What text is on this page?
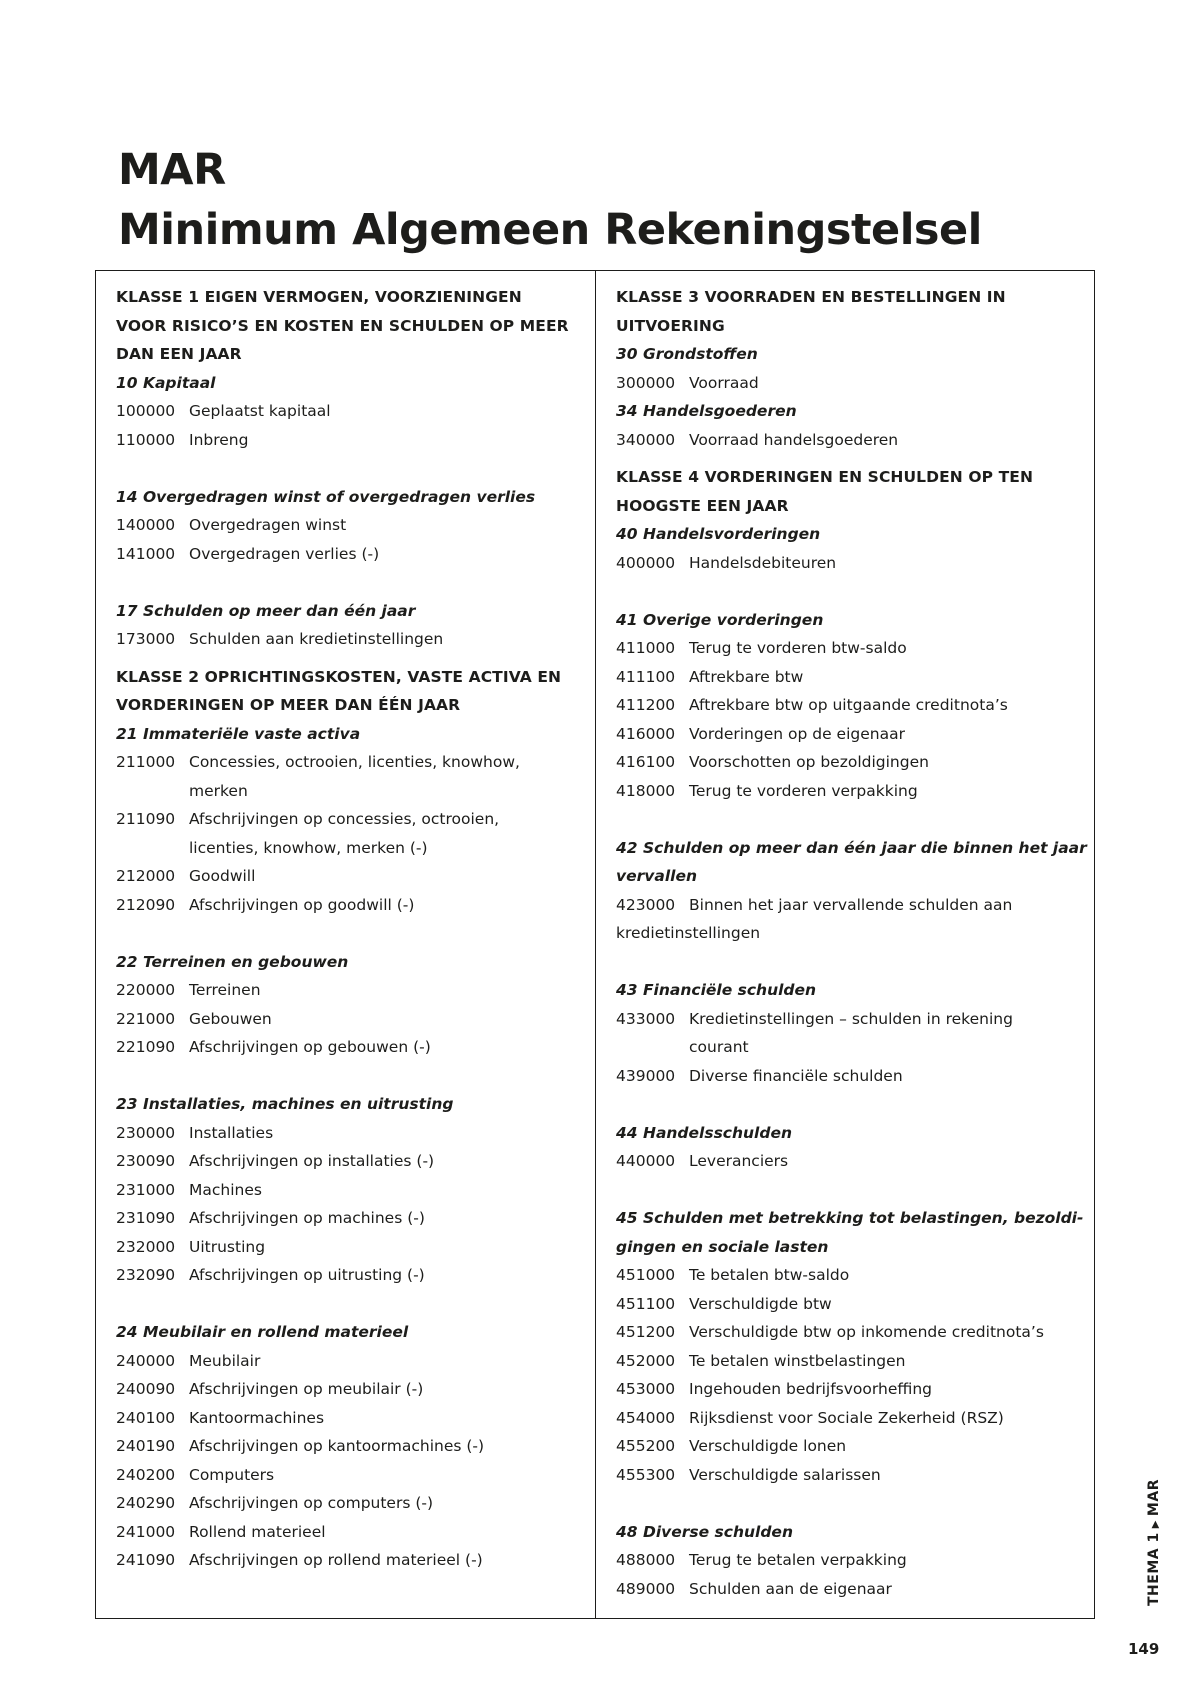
MAR
Minimum Algemeen Rekeningstelsel
KLASSE 1 EIGEN VERMOGEN, VOORZIENINGEN
VOOR RISICO’S EN KOSTEN EN SCHULDEN OP MEER
DAN EEN JAAR
10 Kapitaal
100000 Geplaatst kapitaal
110000 Inbreng
14 Overgedragen winst of overgedragen verlies
140000 Overgedragen winst
141000 Overgedragen verlies (-)
17 Schulden op meer dan één jaar
173000 Schulden aan kredietinstellingen
KLASSE 2 OPRICHTINGSKOSTEN, VASTE ACTIVA EN
VORDERINGEN OP MEER DAN ÉÉN JAAR
21 Immateriële vaste activa
211000 Concessies, octrooien, licenties, knowhow,
merken
211090 Afschrijvingen op concessies, octrooien,
licenties, knowhow, merken (-)
212000 Goodwill
212090 Afschrijvingen op goodwill (-)
22 Terreinen en gebouwen
220000 Terreinen
221000 Gebouwen
221090 Afschrijvingen op gebouwen (-)
23 Installaties, machines en uitrusting
230000 Installaties
230090 Afschrijvingen op installaties (-)
231000 Machines
231090 Afschrijvingen op machines (-)
232000 Uitrusting
232090 Afschrijvingen op uitrusting (-)
24 Meubilair en rollend materieel
240000 Meubilair
240090 Afschrijvingen op meubilair (-)
240100 Kantoormachines
240190 Afschrijvingen op kantoormachines (-)
240200 Computers
240290 Afschrijvingen op computers (-)
241000 Rollend materieel
241090 Afschrijvingen op rollend materieel (-)
KLASSE 3 VOORRADEN EN BESTELLINGEN IN
UITVOERING
30 Grondstoffen
300000 Voorraad
34 Handelsgoederen
340000 Voorraad handelsgoederen
KLASSE 4 VORDERINGEN EN SCHULDEN OP TEN
HOOGSTE EEN JAAR
40 Handelsvorderingen
400000 Handelsdebiteuren
41 Overige vorderingen
411000 Terug te vorderen btw-saldo
411100 Aftrekbare btw
411200 Aftrekbare btw op uitgaande creditnota’s
416000 Vorderingen op de eigenaar
416100 Voorschotten op bezoldigingen
418000 Terug te vorderen verpakking
42 Schulden op meer dan één jaar die binnen het jaar
vervallen
423000 Binnen het jaar vervallende schulden aan
kredietinstellingen
43 Financiële schulden
433000 Kredietinstellingen – schulden in rekening
courant
439000 Diverse financiële schulden
44 Handelsschulden
440000 Leveranciers
45 Schulden met betrekking tot belastingen, bezoldi-
gingen en sociale lasten
451000 Te betalen btw-saldo
451100 Verschuldigde btw
451200 Verschuldigde btw op inkomende creditnota’s
452000 Te betalen winstbelastingen
453000 Ingehouden bedrijfsvoorheffing
454000 Rijksdienst voor Sociale Zekerheid (RSZ)
455200 Verschuldigde lonen
455300 Verschuldigde salarissen
48 Diverse schulden
488000 Terug te betalen verpakking
489000 Schulden aan de eigenaar	THEMA 1▶MAR
149
